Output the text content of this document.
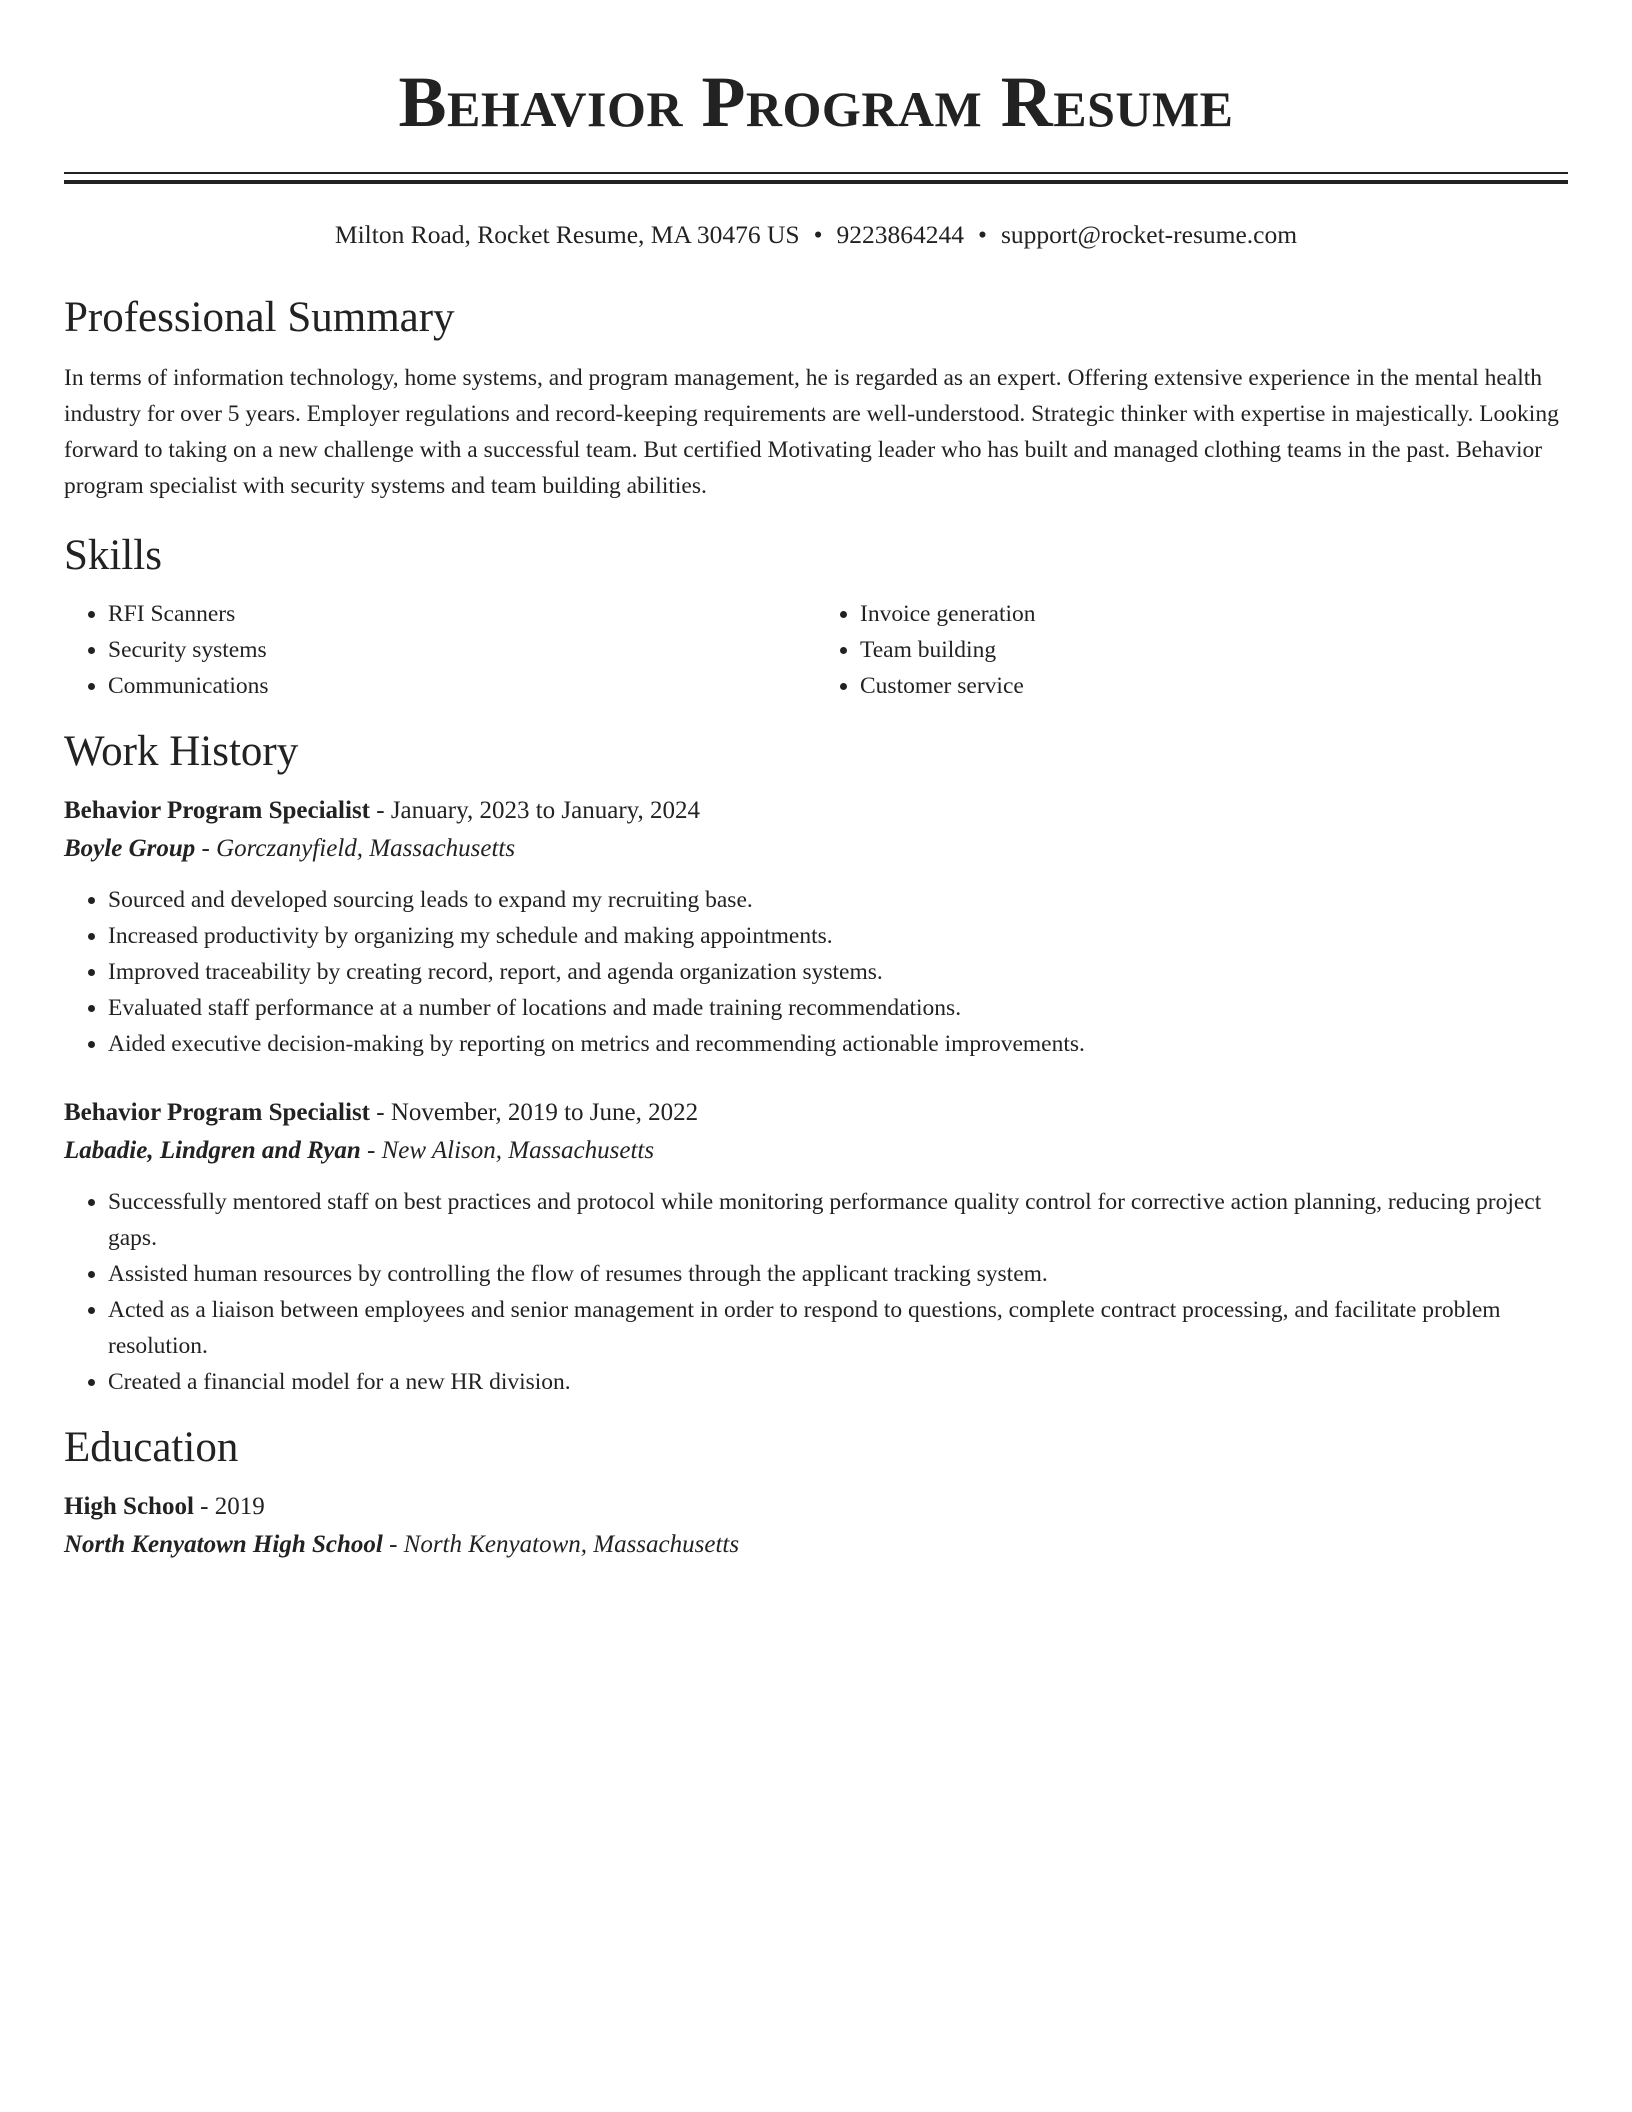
Behavior Program Resume
Milton Road, Rocket Resume, MA 30476 US • 9223864244 • support@rocket-resume.com
Professional Summary
In terms of information technology, home systems, and program management, he is regarded as an expert. Offering extensive experience in the mental health industry for over 5 years. Employer regulations and record-keeping requirements are well-understood. Strategic thinker with expertise in majestically. Looking forward to taking on a new challenge with a successful team. But certified Motivating leader who has built and managed clothing teams in the past. Behavior program specialist with security systems and team building abilities.
Skills
• RFI Scanners
• Security systems
• Communications
• Invoice generation
• Team building
• Customer service
Work History
Behavior Program Specialist - January, 2023 to January, 2024
Boyle Group - Gorczanyfield, Massachusetts
• Sourced and developed sourcing leads to expand my recruiting base.
• Increased productivity by organizing my schedule and making appointments.
• Improved traceability by creating record, report, and agenda organization systems.
• Evaluated staff performance at a number of locations and made training recommendations.
• Aided executive decision-making by reporting on metrics and recommending actionable improvements.
Behavior Program Specialist - November, 2019 to June, 2022
Labadie, Lindgren and Ryan - New Alison, Massachusetts
• Successfully mentored staff on best practices and protocol while monitoring performance quality control for corrective action planning, reducing project gaps.
• Assisted human resources by controlling the flow of resumes through the applicant tracking system.
• Acted as a liaison between employees and senior management in order to respond to questions, complete contract processing, and facilitate problem resolution.
• Created a financial model for a new HR division.
Education
High School - 2019
North Kenyatown High School - North Kenyatown, Massachusetts
